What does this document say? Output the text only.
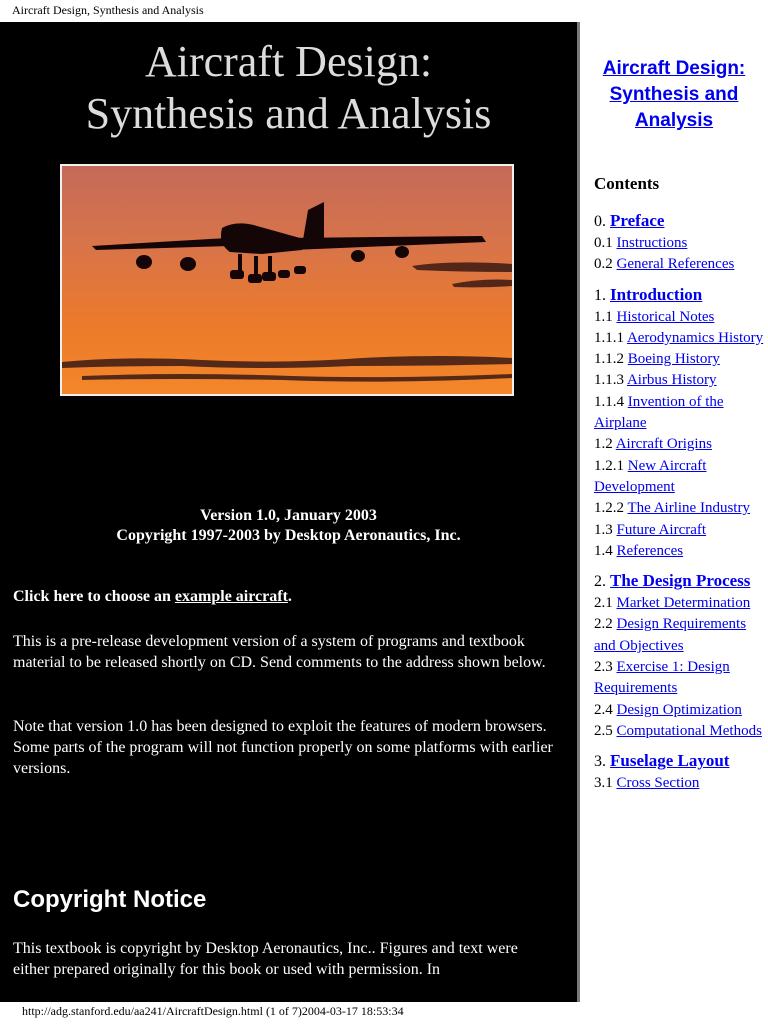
Aircraft Design, Synthesis and Analysis
Aircraft Design:
Synthesis and Analysis
Version 1.0, January 2003
Copyright 1997-2003 by Desktop Aeronautics, Inc.
Click here to choose an example aircraft.
This is a pre-release development version of a system of programs and textbook material to be released shortly on CD. Send comments to the address shown below.
Note that version 1.0 has been designed to exploit the features of modern browsers. Some parts of the program will not function properly on some platforms with earlier versions.
Copyright Notice
This textbook is copyright by Desktop Aeronautics, Inc.. Figures and text were either prepared originally for this book or used with permission. In
Aircraft Design:
Synthesis and
Analysis
Contents
0. Preface
0.1 Instructions
0.2 General References
1. Introduction
1.1 Historical Notes
1.1.1 Aerodynamics History
1.1.2 Boeing History
1.1.3 Airbus History
1.1.4 Invention of the Airplane
1.2 Aircraft Origins
1.2.1 New Aircraft Development
1.2.2 The Airline Industry
1.3 Future Aircraft
1.4 References
2. The Design Process
2.1 Market Determination
2.2 Design Requirements and Objectives
2.3 Exercise 1: Design Requirements
2.4 Design Optimization
2.5 Computational Methods
3. Fuselage Layout
3.1 Cross Section
http://adg.stanford.edu/aa241/AircraftDesign.html (1 of 7)2004-03-17 18:53:34
